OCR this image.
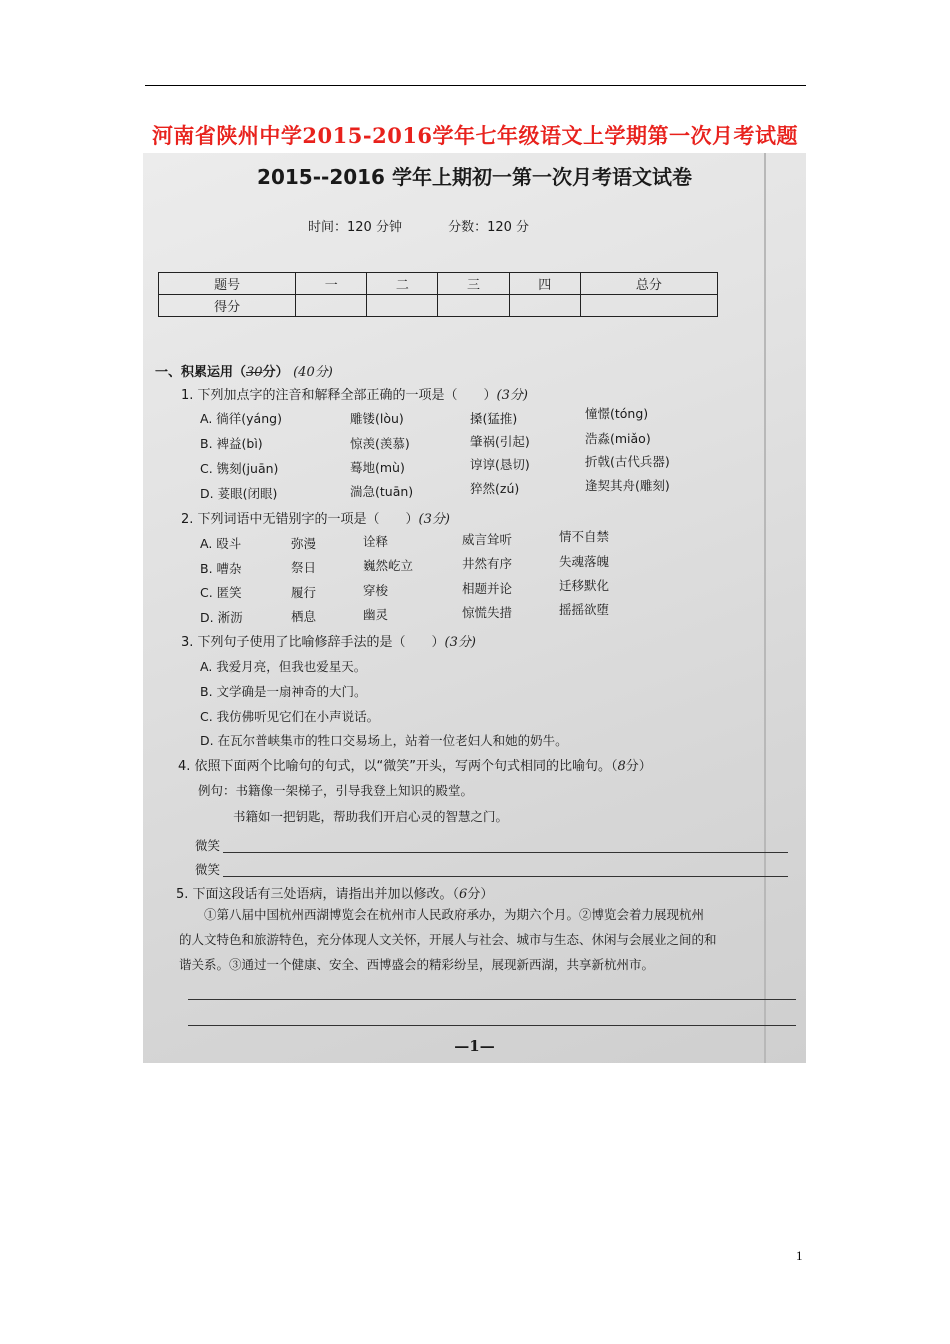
河南省陕州中学2015-2016学年七年级语文上学期第一次月考试题
2015--2016 学年上期初一第一次月考语文试卷
时间：120 分钟	分数：120 分
题号	一	二	三	四	总分
得分					
一、积累运用（30分） (40分)
1. 下列加点字的注音和解释全部正确的一项是（　　）(3分)
A. 徜徉(yáng)	雕镂(lòu)	搡(猛推)	憧憬(tóng)
B. 裨益(bì)	惊羡(羡慕)	肇祸(引起)	浩淼(miǎo)
C. 镌刻(juān)	蓦地(mù)	谆谆(恳切)	折戟(古代兵器)
D. 荽眼(闭眼)	湍急(tuān)	猝然(zú)	逢契其舟(雕刻)
2. 下列词语中无错别字的一项是（　　）(3分)
A. 殴斗	弥漫	诠释	威言耸听	情不自禁
B. 嘈杂	祭日	巍然屹立	井然有序	失魂落魄
C. 匿笑	履行	穿梭	相题并论	迁移默化
D. 淅沥	栖息	幽灵	惊慌失措	摇摇欲堕
3. 下列句子使用了比喻修辞手法的是（　　）(3分)
A. 我爱月亮，但我也爱星天。
B. 文学确是一扇神奇的大门。
C. 我仿佛听见它们在小声说话。
D. 在瓦尔普峡集市的牲口交易场上，站着一位老妇人和她的奶牛。
4. 依照下面两个比喻句的句式，以“微笑”开头，写两个句式相同的比喻句。（8分）
例句：书籍像一架梯子，引导我登上知识的殿堂。
书籍如一把钥匙，帮助我们开启心灵的智慧之门。
微笑
微笑
5. 下面这段话有三处语病，请指出并加以修改。（6分）
　　①第八届中国杭州西湖博览会在杭州市人民政府承办，为期六个月。②博览会着力展现杭州
的人文特色和旅游特色，充分体现人文关怀，开展人与社会、城市与生态、休闲与会展业之间的和
谐关系。③通过一个健康、安全、西博盛会的精彩纷呈，展现新西湖，共享新杭州市。
—1—
1
